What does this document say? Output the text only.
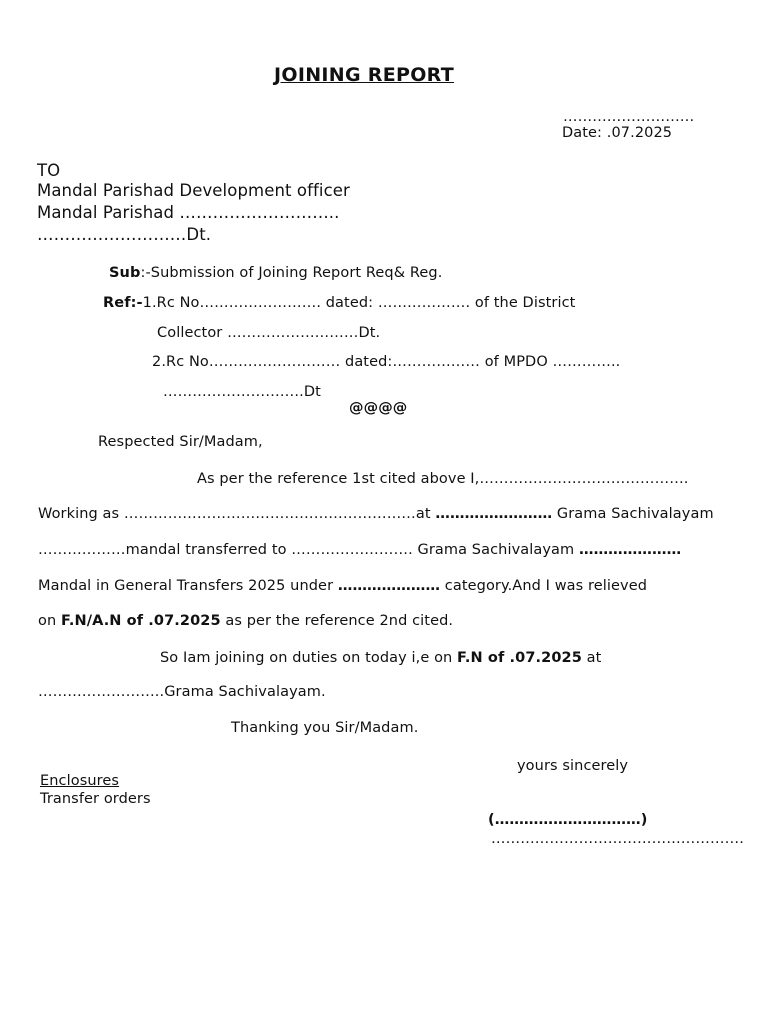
JOINING REPORT
………………………
Date: .07.2025
TO
Mandal Parishad Development officer
Mandal Parishad ………………………..
………………………Dt.
Sub:-Submission of Joining Report Req& Reg.
Ref:-1.Rc No……………………. dated: ………………. of the District
Collector ………………………Dt.
2.Rc No……………………… dated:……………… of MPDO …………..
………………………..Dt
@@@@
Respected Sir/Madam,
As per the reference 1st cited above I,…………………………………….
Working as ……………………………………………………at …………………… Grama Sachivalayam
………………mandal transferred to ……………………. Grama Sachivalayam …………………
Mandal in General Transfers 2025 under ………………… category.And I was relieved
on F.N/A.N of .07.2025 as per the reference 2nd cited.
So Iam joining on duties on today i,e on F.N of .07.2025 at
……………………..Grama Sachivalayam.
Thanking you Sir/Madam.
yours sincerely
Enclosures
Transfer orders
(…………………………)
…………………………………………….
